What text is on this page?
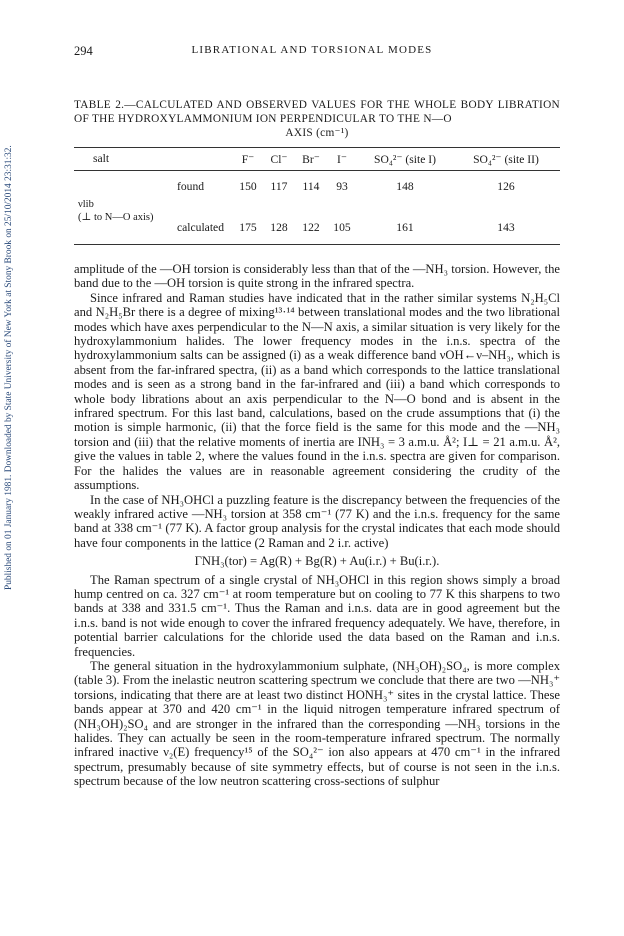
Published on 01 January 1981. Downloaded by State University of New York at Stony Brook on 25/10/2014 23:31:32.
294	LIBRATIONAL AND TORSIONAL MODES
TABLE 2.—CALCULATED AND OBSERVED VALUES FOR THE WHOLE BODY LIBRATION OF THE HYDROXYLAMMONIUM ION PERPENDICULAR TO THE N—O
AXIS (cm⁻¹)
salt	F⁻ Cl⁻ Br⁻ I⁻ SO₄²⁻ (site I)	SO₄²⁻ (site II)
νlib
(⊥ to N—O axis)
found	150 117 114 93	148	126
calculated 175 128 122 105	161	143

amplitude of the —OH torsion is considerably less than that of the —NH₃ torsion. However, the band due to the —OH torsion is quite strong in the infrared spectra.

Since infrared and Raman studies have indicated that in the rather similar systems N₂H₅Cl and N₂H₅Br there is a degree of mixing¹³·¹⁴ between translational modes and the two librational modes which have axes perpendicular to the N—N axis, a similar situation is very likely for the hydroxylammonium halides. The lower frequency modes in the i.n.s. spectra of the hydroxylammonium salts can be assigned (i) as a weak difference band νOH←ν–NH₃, which is absent from the far-infrared spectra, (ii) as a band which corresponds to the lattice translational modes and is seen as a strong band in the far-infrared and (iii) a band which corresponds to whole body librations about an axis perpendicular to the N—O bond and is absent in the infrared spectrum. For this last band, calculations, based on the crude assumptions that (i) the motion is simple harmonic, (ii) that the force field is the same for this mode and the —NH₃ torsion and (iii) that the relative moments of inertia are INH₃ = 3 a.m.u. Å²; I⊥ = 21 a.m.u. Å², give the values in table 2, where the values found in the i.n.s. spectra are given for comparison. For the halides the values are in reasonable agreement considering the crudity of the assumptions.

In the case of NH₃OHCl a puzzling feature is the discrepancy between the frequencies of the weakly infrared active —NH₃ torsion at 358 cm⁻¹ (77 K) and the i.n.s. frequency for the same band at 338 cm⁻¹ (77 K). A factor group analysis for the crystal indicates that each mode should have four components in the lattice (2 Raman and 2 i.r. active)

ΓNH₃(tor) = Ag(R) + Bg(R) + Au(i.r.) + Bu(i.r.).

The Raman spectrum of a single crystal of NH₃OHCl in this region shows simply a broad hump centred on ca. 327 cm⁻¹ at room temperature but on cooling to 77 K this sharpens to two bands at 338 and 331.5 cm⁻¹. Thus the Raman and i.n.s. data are in good agreement but the i.n.s. band is not wide enough to cover the infrared frequency adequately. We have, therefore, in potential barrier calculations for the chloride used the data based on the Raman and i.n.s. frequencies.

The general situation in the hydroxylammonium sulphate, (NH₃OH)₂SO₄, is more complex (table 3). From the inelastic neutron scattering spectrum we conclude that there are two —NH₃⁺ torsions, indicating that there are at least two distinct HONH₃⁺ sites in the crystal lattice. These bands appear at 370 and 420 cm⁻¹ in the liquid nitrogen temperature infrared spectrum of (NH₃OH)₂SO₄ and are stronger in the infrared than the corresponding —NH₃ torsions in the halides. They can actually be seen in the room-temperature infrared spectrum. The normally infrared inactive ν₂(E) frequency¹⁵ of the SO₄²⁻ ion also appears at 470 cm⁻¹ in the infrared spectrum, presumably because of site symmetry effects, but of course is not seen in the i.n.s. spectrum because of the low neutron scattering cross-sections of sulphur
